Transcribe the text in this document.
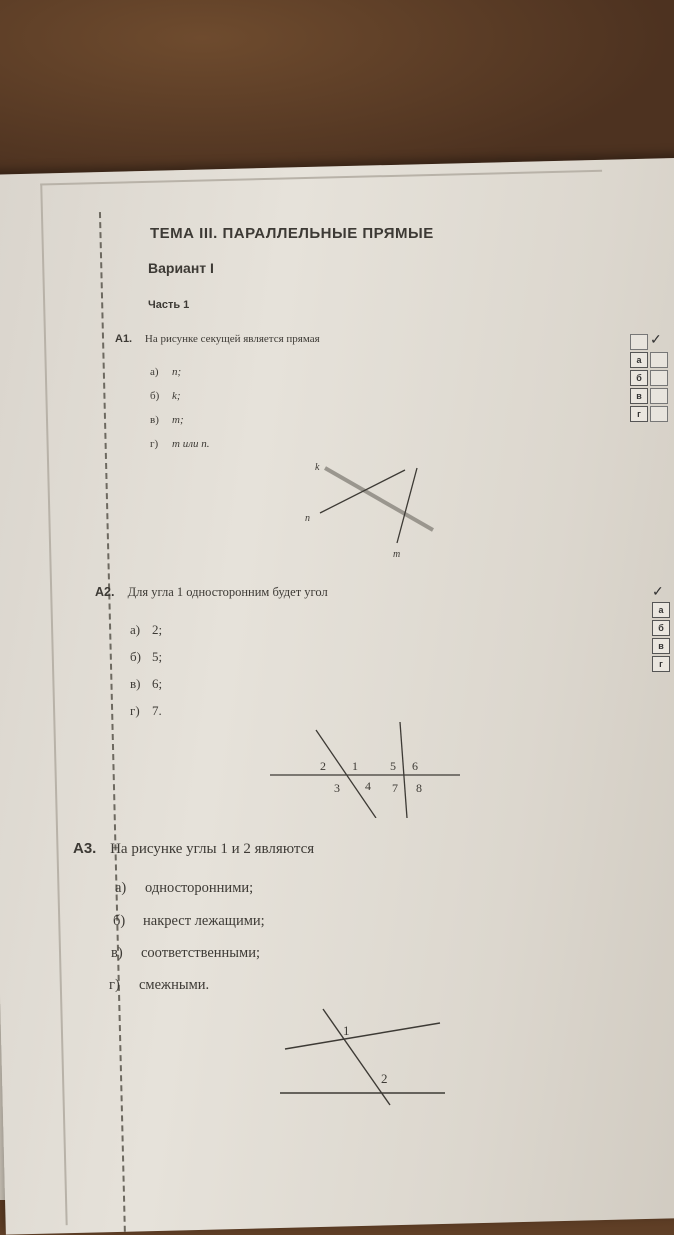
ТЕМА III. ПАРАЛЛЕЛЬНЫЕ ПРЯМЫЕ
Вариант I
Часть 1
А1. На рисунке секущей является прямая
а) n;
б) k;
в) m;
г) m или n.
k
n
m
А2. Для угла 1 односторонним будет угол
а) 2;
б) 5;
в) 6;
г) 7.
2 1	5 6
3 4 7 8
А3. На рисунке углы 1 и 2 являются
а) односторонними;
б) накрест лежащими;
в) соответственными;
г) смежными.
1
2
✓
а
б
в
г
✓
а
б
в
г
